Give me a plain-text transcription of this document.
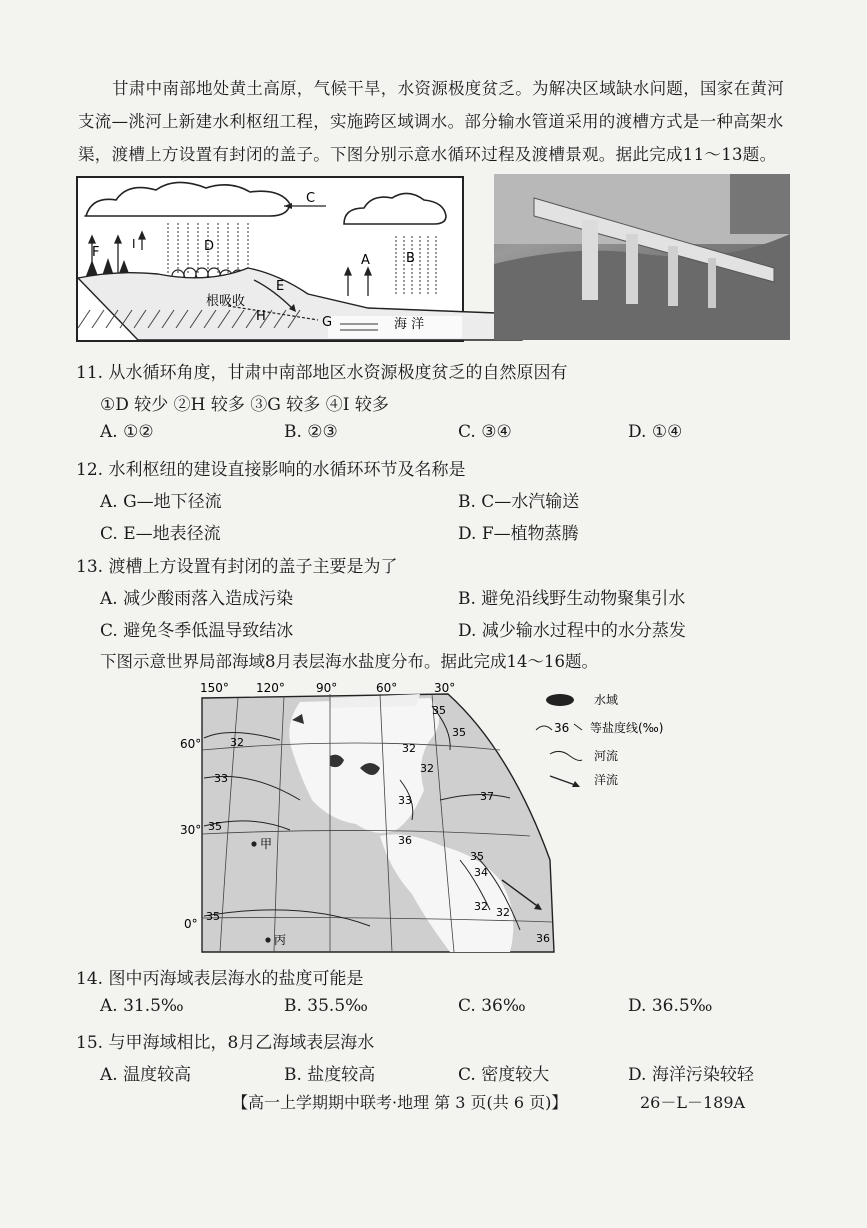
甘肃中南部地处黄土高原，气候干旱，水资源极度贫乏。为解决区域缺水问题，国家在黄河支流—洮河上新建水利枢纽工程，实施跨区域调水。部分输水管道采用的渡槽方式是一种高架水渠，渡槽上方设置有封闭的盖子。下图分别示意水循环过程及渡槽景观。据此完成11～13题。
C
F
I	D
A	B
E
H	G
根吸收
海 洋
11. 从水循环角度，甘肃中南部地区水资源极度贫乏的自然原因有
①D 较少 ②H 较多 ③G 较多 ④I 较多
A. ①②	B. ②③	C. ③④	D. ①④
12. 水利枢纽的建设直接影响的水循环环节及名称是
A. G—地下径流	B. C—水汽输送
C. E—地表径流	D. F—植物蒸腾
13. 渡槽上方设置有封闭的盖子主要是为了
A. 减少酸雨落入造成污染	B. 避免沿线野生动物聚集引水
C. 避免冬季低温导致结冰	D. 减少输水过程中的水分蒸发
下图示意世界局部海域8月表层海水盐度分布。据此完成14～16题。
150° 120°	90°	60°	30°
60°
30°
0°
32
33
35
32
33
35
32
35
37
36
35
34
32 32
36
35
甲
丙
水域
36 等盐度线(‰)
河流
洋流
14. 图中丙海域表层海水的盐度可能是
A. 31.5‰	B. 35.5‰	C. 36‰	D. 36.5‰
15. 与甲海域相比，8月乙海域表层海水
A. 温度较高	B. 盐度较高	C. 密度较大	D. 海洋污染较轻
【高一上学期期中联考·地理 第 3 页(共 6 页)】	26－L－189A
